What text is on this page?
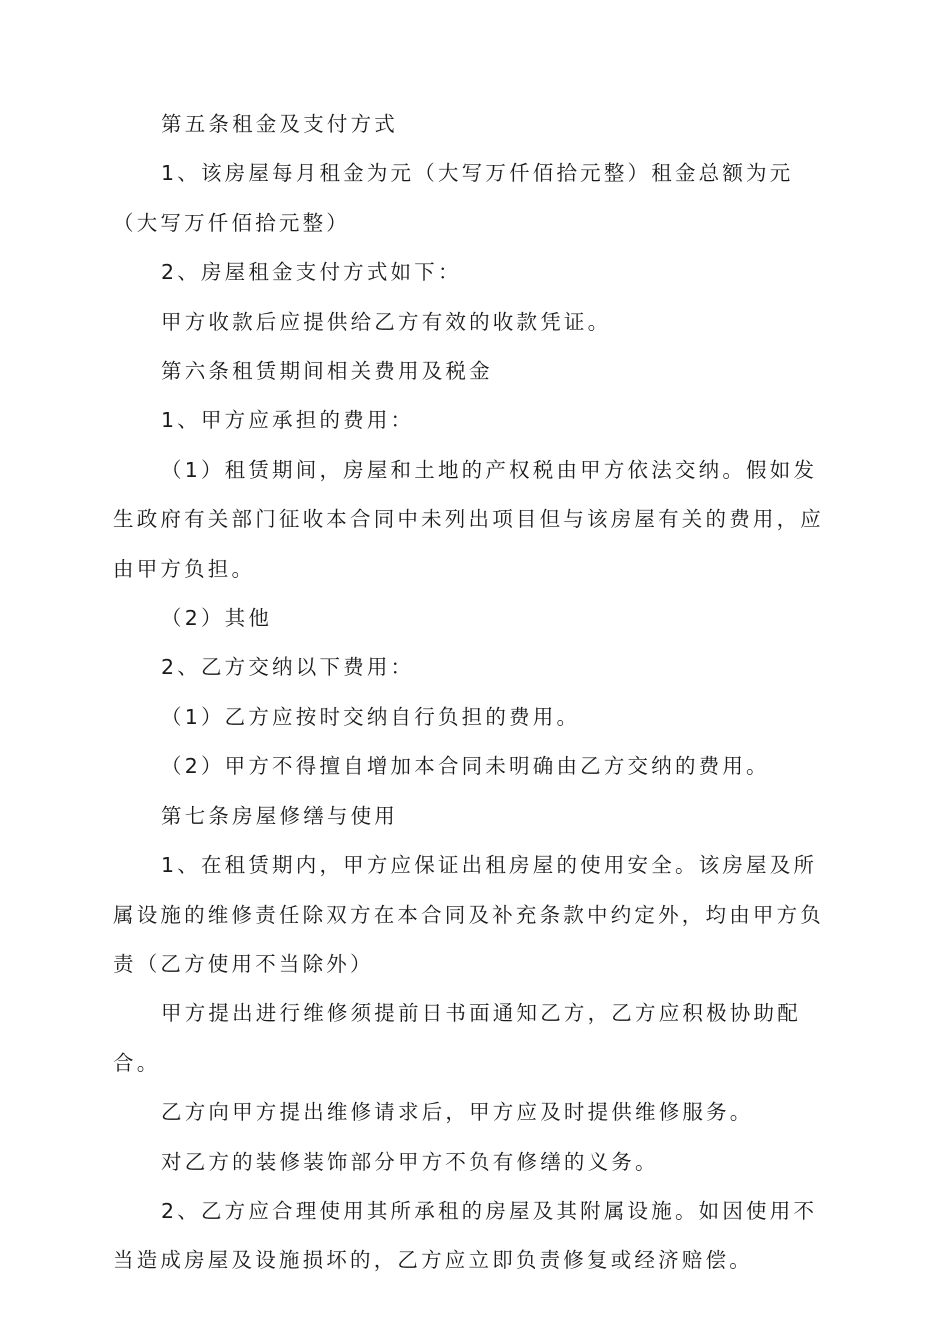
第五条租金及支付方式

1、该房屋每月租金为元（大写万仟佰拾元整）租金总额为元（大写万仟佰拾元整）

2、房屋租金支付方式如下：

甲方收款后应提供给乙方有效的收款凭证。

第六条租赁期间相关费用及税金

1、甲方应承担的费用：

（1）租赁期间，房屋和土地的产权税由甲方依法交纳。假如发生政府有关部门征收本合同中未列出项目但与该房屋有关的费用，应由甲方负担。

（2）其他

2、乙方交纳以下费用：

（1）乙方应按时交纳自行负担的费用。

（2）甲方不得擅自增加本合同未明确由乙方交纳的费用。

第七条房屋修缮与使用

1、在租赁期内，甲方应保证出租房屋的使用安全。该房屋及所属设施的维修责任除双方在本合同及补充条款中约定外，均由甲方负责（乙方使用不当除外）

甲方提出进行维修须提前日书面通知乙方，乙方应积极协助配合。

乙方向甲方提出维修请求后，甲方应及时提供维修服务。

对乙方的装修装饰部分甲方不负有修缮的义务。

2、乙方应合理使用其所承租的房屋及其附属设施。如因使用不当造成房屋及设施损坏的，乙方应立即负责修复或经济赔偿。
